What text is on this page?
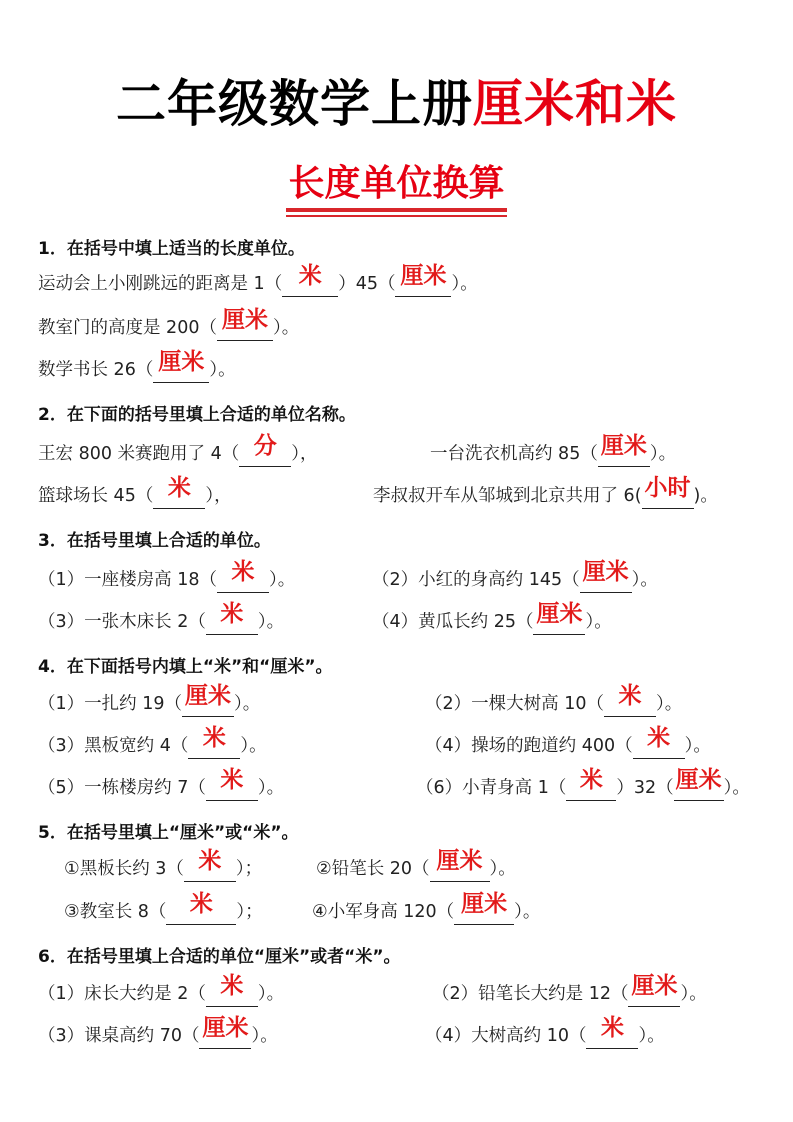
二年级数学上册厘米和米
长度单位换算
1．在括号中填上适当的长度单位。
运动会上小刚跳远的距离是 1（ 米 ）45（ 厘米 ）。
教室门的高度是 200（ 厘米 ）。
数学书长 26（ 厘米 ）。
2．在下面的括号里填上合适的单位名称。
王宏 800 米赛跑用了 4（ 分 ），	一台洗衣机高约 85（ 厘米 ）。
篮球场长 45（ 米 ），	李叔叔开车从邹城到北京共用了 6( 小时 )。
3．在括号里填上合适的单位。
（1）一座楼房高 18（ 米 ）。	（2）小红的身高约 145（ 厘米 ）。
（3）一张木床长 2（ 米 ）。	（4）黄瓜长约 25（ 厘米 ）。
4．在下面括号内填上“米”和“厘米”。
（1）一扎约 19（ 厘米 ）。	（2）一棵大树高 10（ 米 ）。
（3）黑板宽约 4（ 米 ）。	（4）操场的跑道约 400（ 米 ）。
（5）一栋楼房约 7（ 米 ）。	（6）小青身高 1（ 米 ）32（厘米 ）。
5．在括号里填上“厘米”或“米”。
①黑板长约 3（ 米 ）；	②铅笔长 20（ 厘米 ）。
③教室长 8（ 米 ）；	④小军身高 120（ 厘米 ）。
6．在括号里填上合适的单位“厘米”或者“米”。
（1）床长大约是 2（ 米 ）。	（2）铅笔长大约是 12（ 厘米 ）。
（3）课桌高约 70（ 厘米 ）。	（4）大树高约 10（ 米 ）。
